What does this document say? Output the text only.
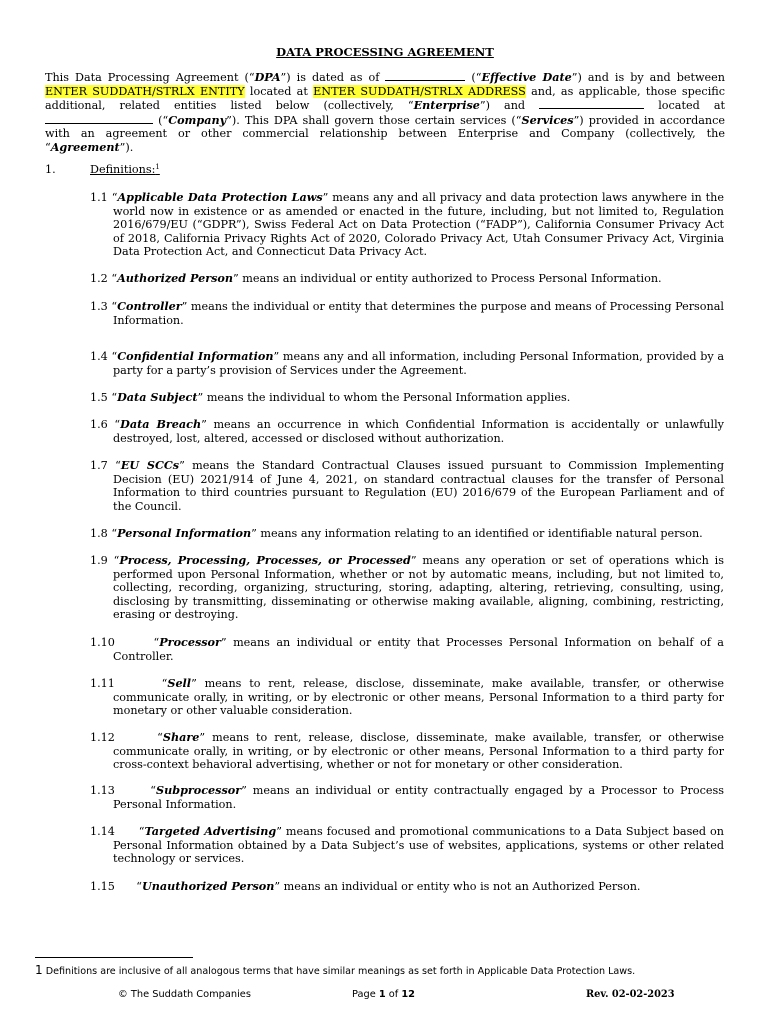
DATA PROCESSING AGREEMENT
This Data Processing Agreement (“DPA”) is dated as of	(“Effective Date”) and is by and between ENTER SUDDATH/STRLX ENTITY located at ENTER SUDDATH/STRLX ADDRESS and, as applicable, those specific additional, related entities listed below (collectively, “Enterprise”) and	located at  (“Company”). This DPA shall govern those certain services (“Services”) provided in accordance with an agreement or other commercial relationship between Enterprise and Company (collectively, the “Agreement”).
1.	Definitions:$^1$
1.1 “Applicable Data Protection Laws” means any and all privacy and data protection laws anywhere in the world now in existence or as amended or enacted in the future, including, but not limited to, Regulation 2016/679/EU (“GDPR”), Swiss Federal Act on Data Protection (“FADP”), California Consumer Privacy Act of 2018, California Privacy Rights Act of 2020, Colorado Privacy Act, Utah Consumer Privacy Act, Virginia Data Protection Act, and Connecticut Data Privacy Act.
1.2 “Authorized Person” means an individual or entity authorized to Process Personal Information.
1.3 “Controller” means the individual or entity that determines the purpose and means of Processing Personal Information.
1.4 “Confidential Information” means any and all information, including Personal Information, provided by a party for a party’s provision of Services under the Agreement.
1.5 “Data Subject” means the individual to whom the Personal Information applies.
1.6 “Data Breach” means an occurrence in which Confidential Information is accidentally or unlawfully destroyed, lost, altered, accessed or disclosed without authorization.
1.7 “EU SCCs” means the Standard Contractual Clauses issued pursuant to Commission Implementing Decision (EU) 2021/914 of June 4, 2021, on standard contractual clauses for the transfer of Personal Information to third countries pursuant to Regulation (EU) 2016/679 of the European Parliament and of the Council.
1.8 “Personal Information” means any information relating to an identified or identifiable natural person.
1.9 “Process, Processing, Processes, or Processed” means any operation or set of operations which is performed upon Personal Information, whether or not by automatic means, including, but not limited to, collecting, recording, organizing, structuring, storing, adapting, altering, retrieving, consulting, using, disclosing by transmitting, disseminating or otherwise making available, aligning, combining, restricting, erasing or destroying.
1.10	“Processor” means an individual or entity that Processes Personal Information on behalf of a Controller.
1.11	“Sell” means to rent, release, disclose, disseminate, make available, transfer, or otherwise communicate orally, in writing, or by electronic or other means, Personal Information to a third party for monetary or other valuable consideration.
1.12	“Share” means to rent, release, disclose, disseminate, make available, transfer, or otherwise communicate orally, in writing, or by electronic or other means, Personal Information to a third party for cross-context behavioral advertising, whether or not for monetary or other consideration.
1.13	“Subprocessor” means an individual or entity contractually engaged by a Processor to Process Personal Information.
1.14 “Targeted Advertising” means focused and promotional communications to a Data Subject based on Personal Information obtained by a Data Subject’s use of websites, applications, systems or other related technology or services.
1.15 “Unauthorized Person” means an individual or entity who is not an Authorized Person.
1 Definitions are inclusive of all analogous terms that have similar meanings as set forth in Applicable Data Protection Laws.
© The Suddath Companies	Page 1 of 12	Rev. 02-02-2023
